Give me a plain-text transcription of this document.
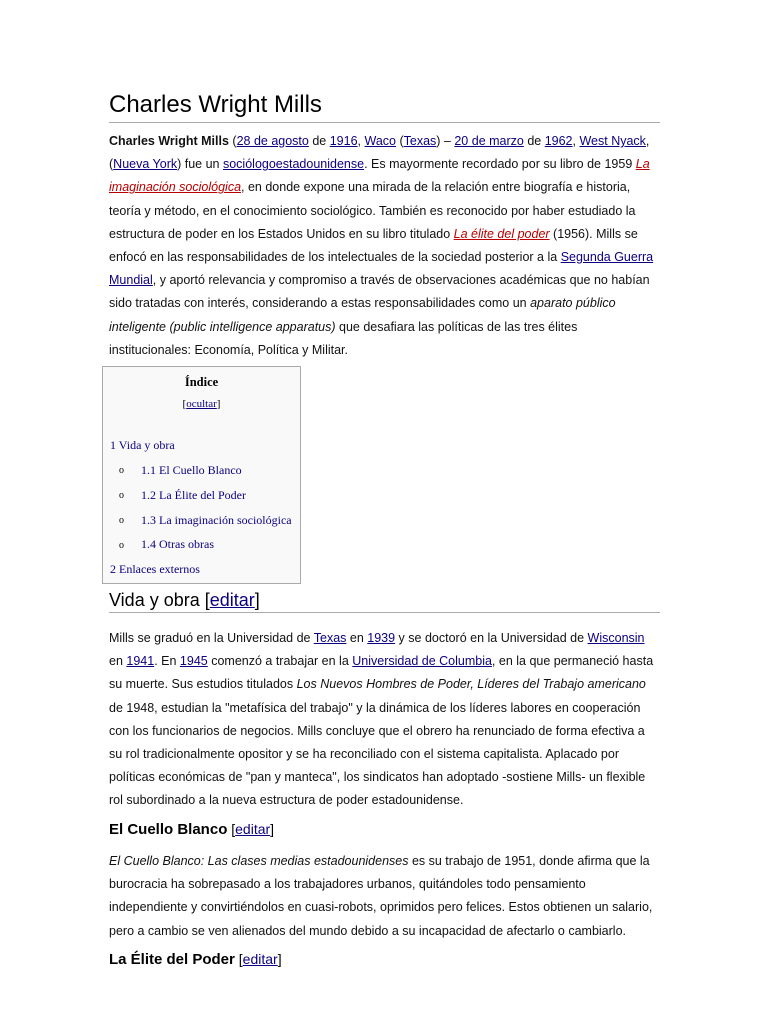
Charles Wright Mills

Charles Wright Mills (28 de agosto de 1916, Waco (Texas) – 20 de marzo de 1962, West Nyack, (Nueva York) fue un sociólogoestadounidense. Es mayormente recordado por su libro de 1959 La imaginación sociológica, en donde expone una mirada de la relación entre biografía e historia, teoría y método, en el conocimiento sociológico. También es reconocido por haber estudiado la estructura de poder en los Estados Unidos en su libro titulado La élite del poder (1956). Mills se enfocó en las responsabilidades de los intelectuales de la sociedad posterior a la Segunda Guerra Mundial, y aportó relevancia y compromiso a través de observaciones académicas que no habían sido tratadas con interés, considerando a estas responsabilidades como un aparato público inteligente (public intelligence apparatus) que desafiara las políticas de las tres élites institucionales: Economía, Política y Militar.

Índice
[ocultar]
1 Vida y obra
o 1.1 El Cuello Blanco
o 1.2 La Élite del Poder
o 1.3 La imaginación sociológica
o 1.4 Otras obras
2 Enlaces externos
Vida y obra [editar]

Mills se graduó en la Universidad de Texas en 1939 y se doctoró en la Universidad de Wisconsin en 1941. En 1945 comenzó a trabajar en la Universidad de Columbia, en la que permaneció hasta su muerte. Sus estudios titulados Los Nuevos Hombres de Poder, Líderes del Trabajo americano de 1948, estudian la "metafísica del trabajo" y la dinámica de los líderes labores en cooperación con los funcionarios de negocios. Mills concluye que el obrero ha renunciado de forma efectiva a su rol tradicionalmente opositor y se ha reconciliado con el sistema capitalista. Aplacado por políticas económicas de "pan y manteca", los sindicatos han adoptado -sostiene Mills- un flexible rol subordinado a la nueva estructura de poder estadounidense.

El Cuello Blanco [editar]

El Cuello Blanco: Las clases medias estadounidenses es su trabajo de 1951, donde afirma que la burocracia ha sobrepasado a los trabajadores urbanos, quitándoles todo pensamiento independiente y convirtiéndolos en cuasi-robots, oprimidos pero felices. Estos obtienen un salario, pero a cambio se ven alienados del mundo debido a su incapacidad de afectarlo o cambiarlo.

La Élite del Poder [editar]
